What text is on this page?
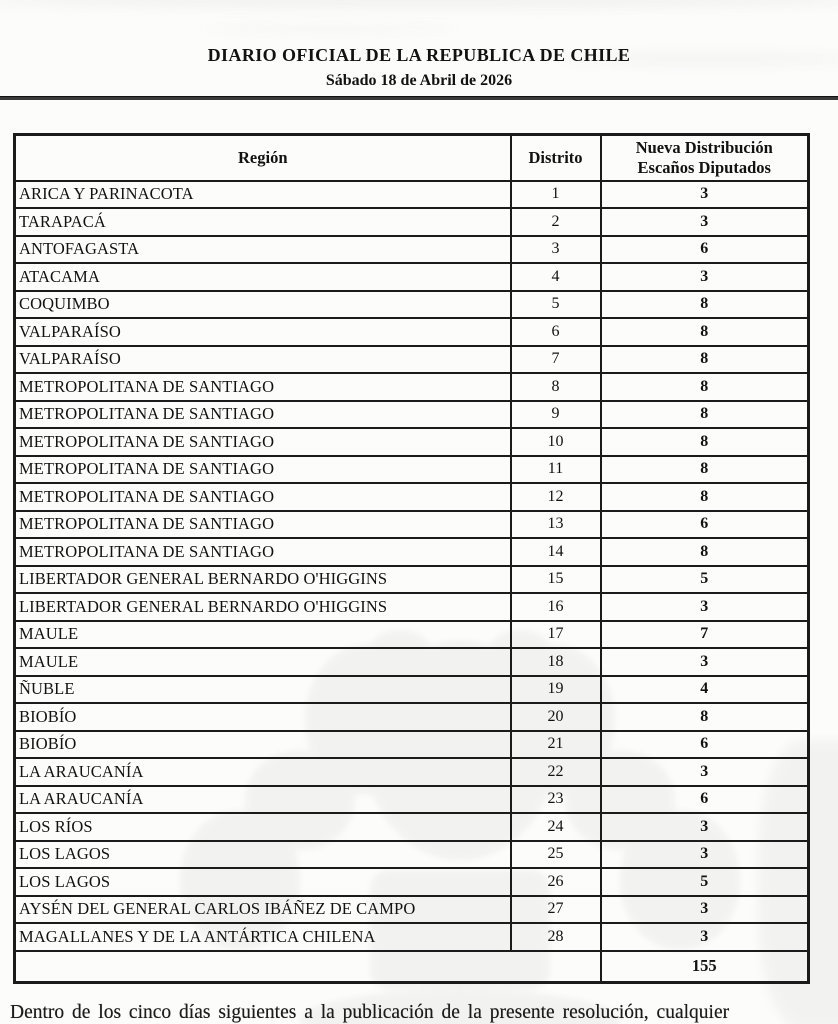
DIARIO OFICIAL DE LA REPUBLICA DE CHILE
Sábado 18 de Abril de 2026
Región	Distrito	Nueva Distribución
Escaños Diputados
ARICA Y PARINACOTA	1	3
TARAPACÁ	2	3
ANTOFAGASTA	3	6
ATACAMA	4	3
COQUIMBO	5	8
VALPARAÍSO	6	8
VALPARAÍSO	7	8
METROPOLITANA DE SANTIAGO	8	8
METROPOLITANA DE SANTIAGO	9	8
METROPOLITANA DE SANTIAGO	10	8
METROPOLITANA DE SANTIAGO	11	8
METROPOLITANA DE SANTIAGO	12	8
METROPOLITANA DE SANTIAGO	13	6
METROPOLITANA DE SANTIAGO	14	8
LIBERTADOR GENERAL BERNARDO O'HIGGINS	15	5
LIBERTADOR GENERAL BERNARDO O'HIGGINS	16	3
MAULE	17	7
MAULE	18	3
ÑUBLE	19	4
BIOBÍO	20	8
BIOBÍO	21	6
LA ARAUCANÍA	22	3
LA ARAUCANÍA	23	6
LOS RÍOS	24	3
LOS LAGOS	25	3
LOS LAGOS	26	5
AYSÉN DEL GENERAL CARLOS IBÁÑEZ DE CAMPO	27	3
MAGALLANES Y DE LA ANTÁRTICA CHILENA	28	3
		155
Dentro de los cinco días siguientes a la publicación de la presente resolución, cualquier
